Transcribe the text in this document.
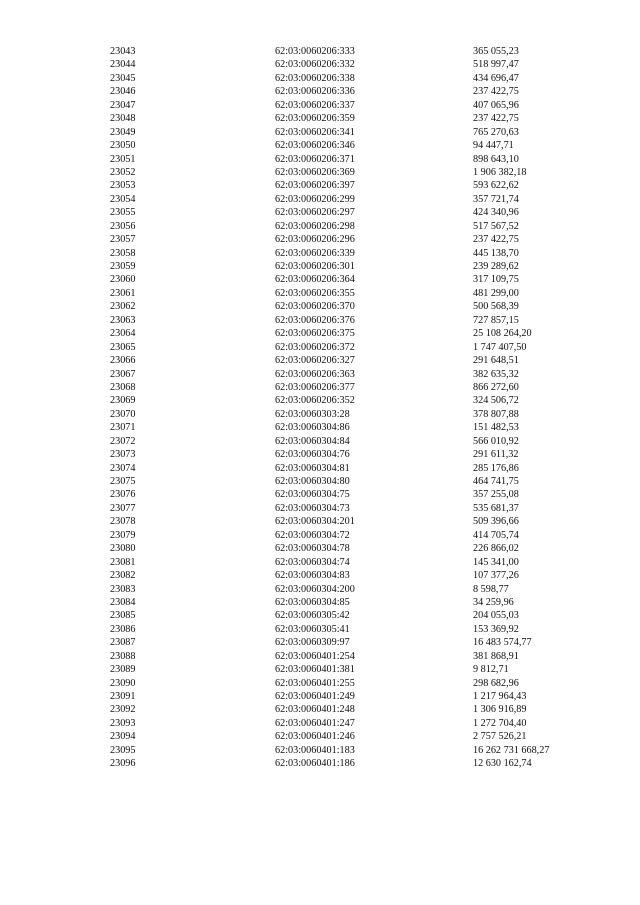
23043	62:03:0060206:333	365 055,23
23044	62:03:0060206:332	518 997,47
23045	62:03:0060206:338	434 696,47
23046	62:03:0060206:336	237 422,75
23047	62:03:0060206:337	407 065,96
23048	62:03:0060206:359	237 422,75
23049	62:03:0060206:341	765 270,63
23050	62:03:0060206:346	94 447,71
23051	62:03:0060206:371	898 643,10
23052	62:03:0060206:369	1 906 382,18
23053	62:03:0060206:397	593 622,62
23054	62:03:0060206:299	357 721,74
23055	62:03:0060206:297	424 340,96
23056	62:03:0060206:298	517 567,52
23057	62:03:0060206:296	237 422,75
23058	62:03:0060206:339	445 138,70
23059	62:03:0060206:301	239 289,62
23060	62:03:0060206:364	317 109,75
23061	62:03:0060206:355	481 299,00
23062	62:03:0060206:370	500 568,39
23063	62:03:0060206:376	727 857,15
23064	62:03:0060206:375	25 108 264,20
23065	62:03:0060206:372	1 747 407,50
23066	62:03:0060206:327	291 648,51
23067	62:03:0060206:363	382 635,32
23068	62:03:0060206:377	866 272,60
23069	62:03:0060206:352	324 506,72
23070	62:03:0060303:28	378 807,88
23071	62:03:0060304:86	151 482,53
23072	62:03:0060304:84	566 010,92
23073	62:03:0060304:76	291 611,32
23074	62:03:0060304:81	285 176,86
23075	62:03:0060304:80	464 741,75
23076	62:03:0060304:75	357 255,08
23077	62:03:0060304:73	535 681,37
23078	62:03:0060304:201	509 396,66
23079	62:03:0060304:72	414 705,74
23080	62:03:0060304:78	226 866,02
23081	62:03:0060304:74	145 341,00
23082	62:03:0060304:83	107 377,26
23083	62:03:0060304:200	8 598,77
23084	62:03:0060304:85	34 259,96
23085	62:03:0060305:42	204 055,03
23086	62:03:0060305:41	153 369,92
23087	62:03:0060309:97	16 483 574,77
23088	62:03:0060401:254	381 868,91
23089	62:03:0060401:381	9 812,71
23090	62:03:0060401:255	298 682,96
23091	62:03:0060401:249	1 217 964,43
23092	62:03:0060401:248	1 306 916,89
23093	62:03:0060401:247	1 272 704,40
23094	62:03:0060401:246	2 757 526,21
23095	62:03:0060401:183	16 262 731 668,27
23096	62:03:0060401:186	12 630 162,74
